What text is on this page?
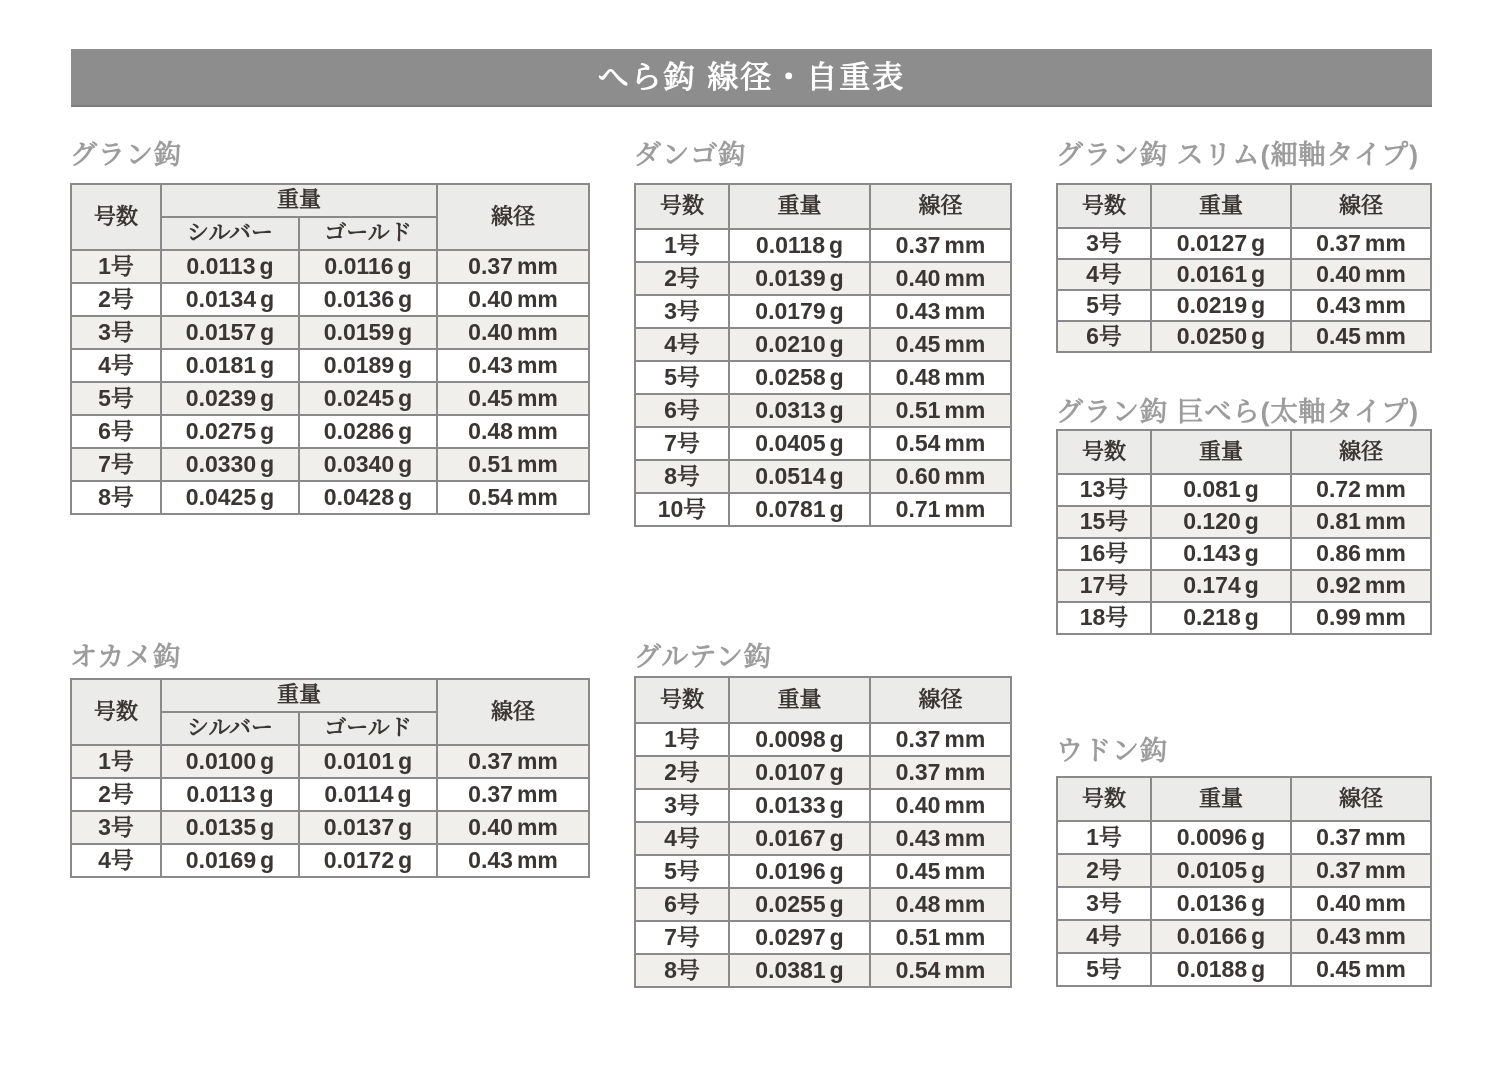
へら鈎 線径・自重表
グラン鈎
号数	重量		線径
	シルバー	ゴールド	
1号	0.0113 g	0.0116 g	0.37 mm
2号	0.0134 g	0.0136 g	0.40 mm
3号	0.0157 g	0.0159 g	0.40 mm
4号	0.0181 g	0.0189 g	0.43 mm
5号	0.0239 g	0.0245 g	0.45 mm
6号	0.0275 g	0.0286 g	0.48 mm
7号	0.0330 g	0.0340 g	0.51 mm
8号	0.0425 g	0.0428 g	0.54 mm
ダンゴ鈎
号数	重量	線径
1号	0.0118 g	0.37 mm
2号	0.0139 g	0.40 mm
3号	0.0179 g	0.43 mm
4号	0.0210 g	0.45 mm
5号	0.0258 g	0.48 mm
6号	0.0313 g	0.51 mm
7号	0.0405 g	0.54 mm
8号	0.0514 g	0.60 mm
10号	0.0781 g	0.71 mm
グラン鈎 スリム(細軸タイプ)
号数	重量	線径
3号	0.0127 g	0.37 mm
4号	0.0161 g	0.40 mm
5号	0.0219 g	0.43 mm
6号	0.0250 g	0.45 mm
グラン鈎 巨べら(太軸タイプ)
号数	重量	線径
13号	0.081 g	0.72 mm
15号	0.120 g	0.81 mm
16号	0.143 g	0.86 mm
17号	0.174 g	0.92 mm
18号	0.218 g	0.99 mm
オカメ鈎
号数	重量		線径
	シルバー	ゴールド	
1号	0.0100 g	0.0101 g	0.37 mm
2号	0.0113 g	0.0114 g	0.37 mm
3号	0.0135 g	0.0137 g	0.40 mm
4号	0.0169 g	0.0172 g	0.43 mm
グルテン鈎
号数	重量	線径
1号	0.0098 g	0.37 mm
2号	0.0107 g	0.37 mm
3号	0.0133 g	0.40 mm
4号	0.0167 g	0.43 mm
5号	0.0196 g	0.45 mm
6号	0.0255 g	0.48 mm
7号	0.0297 g	0.51 mm
8号	0.0381 g	0.54 mm
ウドン鈎
号数	重量	線径
1号	0.0096 g	0.37 mm
2号	0.0105 g	0.37 mm
3号	0.0136 g	0.40 mm
4号	0.0166 g	0.43 mm
5号	0.0188 g	0.45 mm
